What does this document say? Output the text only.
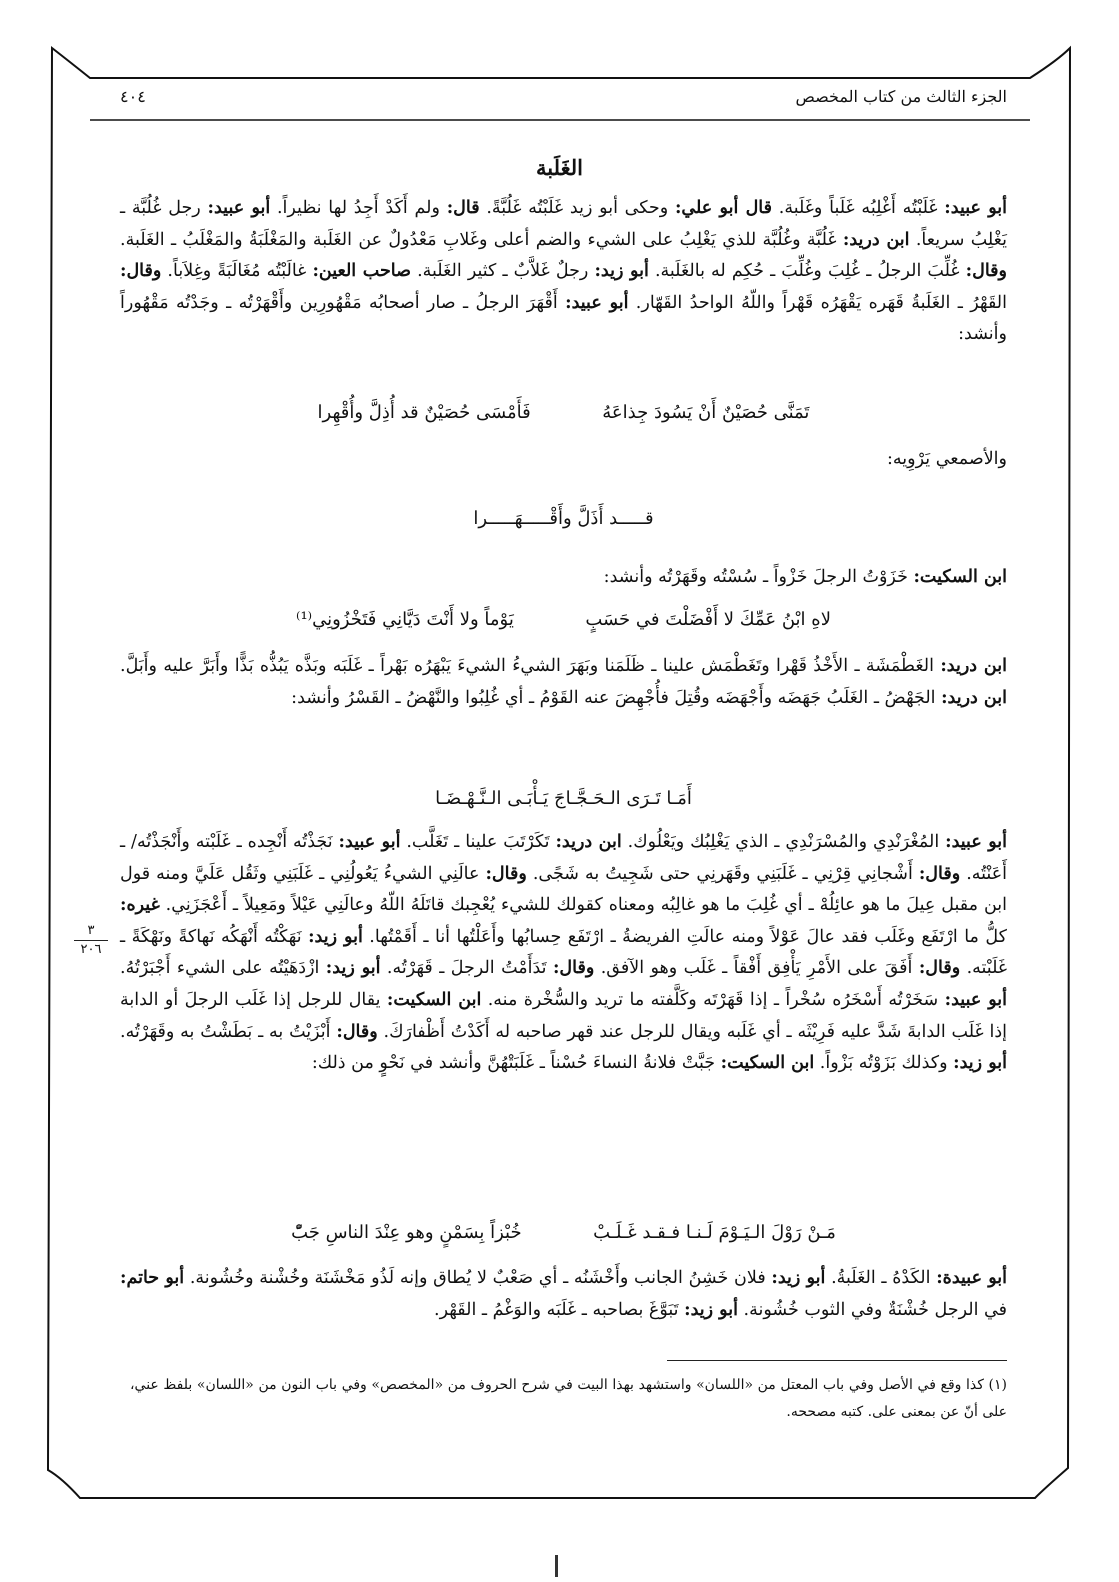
الجزء الثالث من كتاب المخصص
٤٠٤
الغَلَبة

أبو عبيد: غَلَبْتُه أَغْلِبُه غَلَباً وغَلَبة. قال أبو علي: وحكى أبو زيد غَلَبْتُه غَلُبَّةً. قال: ولم أَكَدْ أَجِدُ لها نظيراً. أبو عبيد: رجل غُلُبَّة ـ يَغْلِبُ سريعاً. ابن دريد: غَلُبَّة وغُلُبَّة للذي يَغْلِبُ على الشيء والضم أعلى وغَلابِ مَعْدُولٌ عن الغَلَبة والمَغْلَبَةُ والمَغْلَبُ ـ الغَلَبة. وقال: غُلِّبَ الرجلُ ـ غُلِبَ وغُلِّبَ ـ حُكِم له بالغَلَبة. أبو زيد: رجلٌ غَلاَّبٌ ـ كثير الغَلَبة. صاحب العين: غالَبْتُه مُغَالَبَةً وغِلاَباً. وقال: القَهْرُ ـ الغَلَبةُ قَهَره يَقْهَرُه قَهْراً واللّهُ الواحدُ القَهّار. أبو عبيد: أَقْهَرَ الرجلُ ـ صار أصحابُه مَقْهُورِين وأَقْهَرْتُه ـ وجَدْتُه مَقْهُوراً وأنشد:

تَمَنَّى حُصَيْنٌ أَنْ يَسُودَ جِذاعَهُ  فَأَمْسَى حُصَيْنٌ قد أُذِلَّ وأُقْهِرا

والأصمعي يَرْوِيه:

قـــــد أَذَلَّ وأَقْـــــهَـــــرا

ابن السكيت: خَزَوْتُ الرجلَ خَزْواً ـ سُسْتُه وقَهَرْتُه وأنشد:

لاهِ ابْنُ عَمِّكَ لا أَفْضَلْتَ في حَسَبٍ  يَوْماً ولا أَنْتَ دَيَّانِي فَتَخْزُونِي⁽¹⁾

ابن دريد: الغَطْمَشَة ـ الأَخْذُ قَهْرا وتَغَطْمَش علينا ـ ظَلَمَنا وبَهَرَ الشيءُ الشيءَ يَبْهَرُه بَهْراً ـ غَلَبَه وبَذَّه يَبُذُّه بَذًّا وأَبَرَّ عليه وأَبَلَّ. ابن دريد: الجَهْضُ ـ الغَلَبُ جَهَضَه وأَجْهَضَه وقُتِلَ فأُجْهِضَ عنه القَوْمُ ـ أي غُلِبُوا والنَّهْضُ ـ القَسْرُ وأنشد:

أَمَـا تَـرَى الـحَـجَّـاجَ يَـأْبَـى الـنَّـهْـضَـا

أبو عبيد: المُغْرَنْدِي والمُسْرَنْدِي ـ الذي يَغْلِبُك ويَعْلُوك. ابن دريد: تَكَرْتَبَ علينا ـ تَغَلَّب. أبو عبيد: نَجَذْتُه أَنْجِده ـ غَلَبْته وأَنْجَذْتُه/ ـ أَعَنْتُه. وقال: أَشْجانِي قِرْنِي ـ غَلَبَنِي وقَهَرنِي حتى شَجِيتُ به شَجًى. وقال: عالَنِي الشيءُ يَعُولُنِي ـ غَلَبَنِي وثَقُل عَلَيَّ ومنه قول ابن مقبل عِيلَ ما هو عائِلُهْ ـ أي غُلِبَ ما هو غالِبُه ومعناه كقولك للشيء يُعْجِبك قاتَلَهُ اللّهُ وعالَنِي عَيْلاً ومَعِيلاً ـ أَعْجَزَنِي. غيره: كلُّ ما ارْتَفَع وغَلَب فقد عالَ عَوْلاً ومنه عالَتِ الفريضةُ ـ ارْتَفَع حِسابُها وأَعَلْتُها أنا ـ أَقَمْتُها. أبو زيد: نَهَكْتُه أَنْهَكُه نَهاكةً ونَهْكَةً ـ غَلَبْته. وقال: أَفَقَ على الأَمْرِ يَأْفِق أَفْقاً ـ غَلَب وهو الآفق. وقال: تَدَأَمْتُ الرجلَ ـ قَهَرْتُه. أبو زيد: ازْدَهَيْتُه على الشيء أَجْبَرْتُهُ. أبو عبيد: سَخَرْتُه أَسْخَرُه سُخْراً ـ إذا قَهَرْتَه وكَلَّفته ما تريد والسُّخْرة منه. ابن السكيت: يقال للرجل إذا غَلَب الرجلَ أو الدابة إذا غَلَب الدابةَ شَدَّ عليه فَرِيْثَه ـ أي غَلَبه ويقال للرجل عند قهر صاحبه له أَكَدْتُ أَظْفارَكَ. وقال: أَبْزَيْتُ به ـ بَطَشْتُ به وقَهَرْتُه. أبو زيد: وكذلك بَزَوْتُه بَزْواً. ابن السكيت: جَبَّتْ فلانةُ النساءَ حُسْناً ـ غَلَبَتْهُنَّ وأنشد في نَحْوٍ من ذلك:

مَـنْ رَوْلَ الـيَـوْمَ لَـنـا فـقـد غَـلَـبْ  خُبْزاً بِسَمْنٍ وهو عِنْدَ الناسِ جَبّْ

أبو عبيدة: الكَدْهُ ـ الغَلَبةُ. أبو زيد: فلان خَشِنُ الجانب وأَخْشَنُه ـ أي صَعْبٌ لا يُطاق وإنه لَذُو مَخْشَنَة وخُشْنة وخُشُونة. أبو حاتم: في الرجل خُشْنَةٌ وفي الثوب خُشُونة. أبو زيد: تَبَوَّغَ بصاحبه ـ غَلَبَه والوَغْمُ ـ القَهْر.

(١) كذا وقع في الأصل وفي باب المعتل من «اللسان» واستشهد بهذا البيت في شرح الحروف من «المخصص» وفي باب النون من «اللسان» بلفظ عني، على أنّ عن بمعنى على. كتبه مصححه.
٣
٢٠٦
